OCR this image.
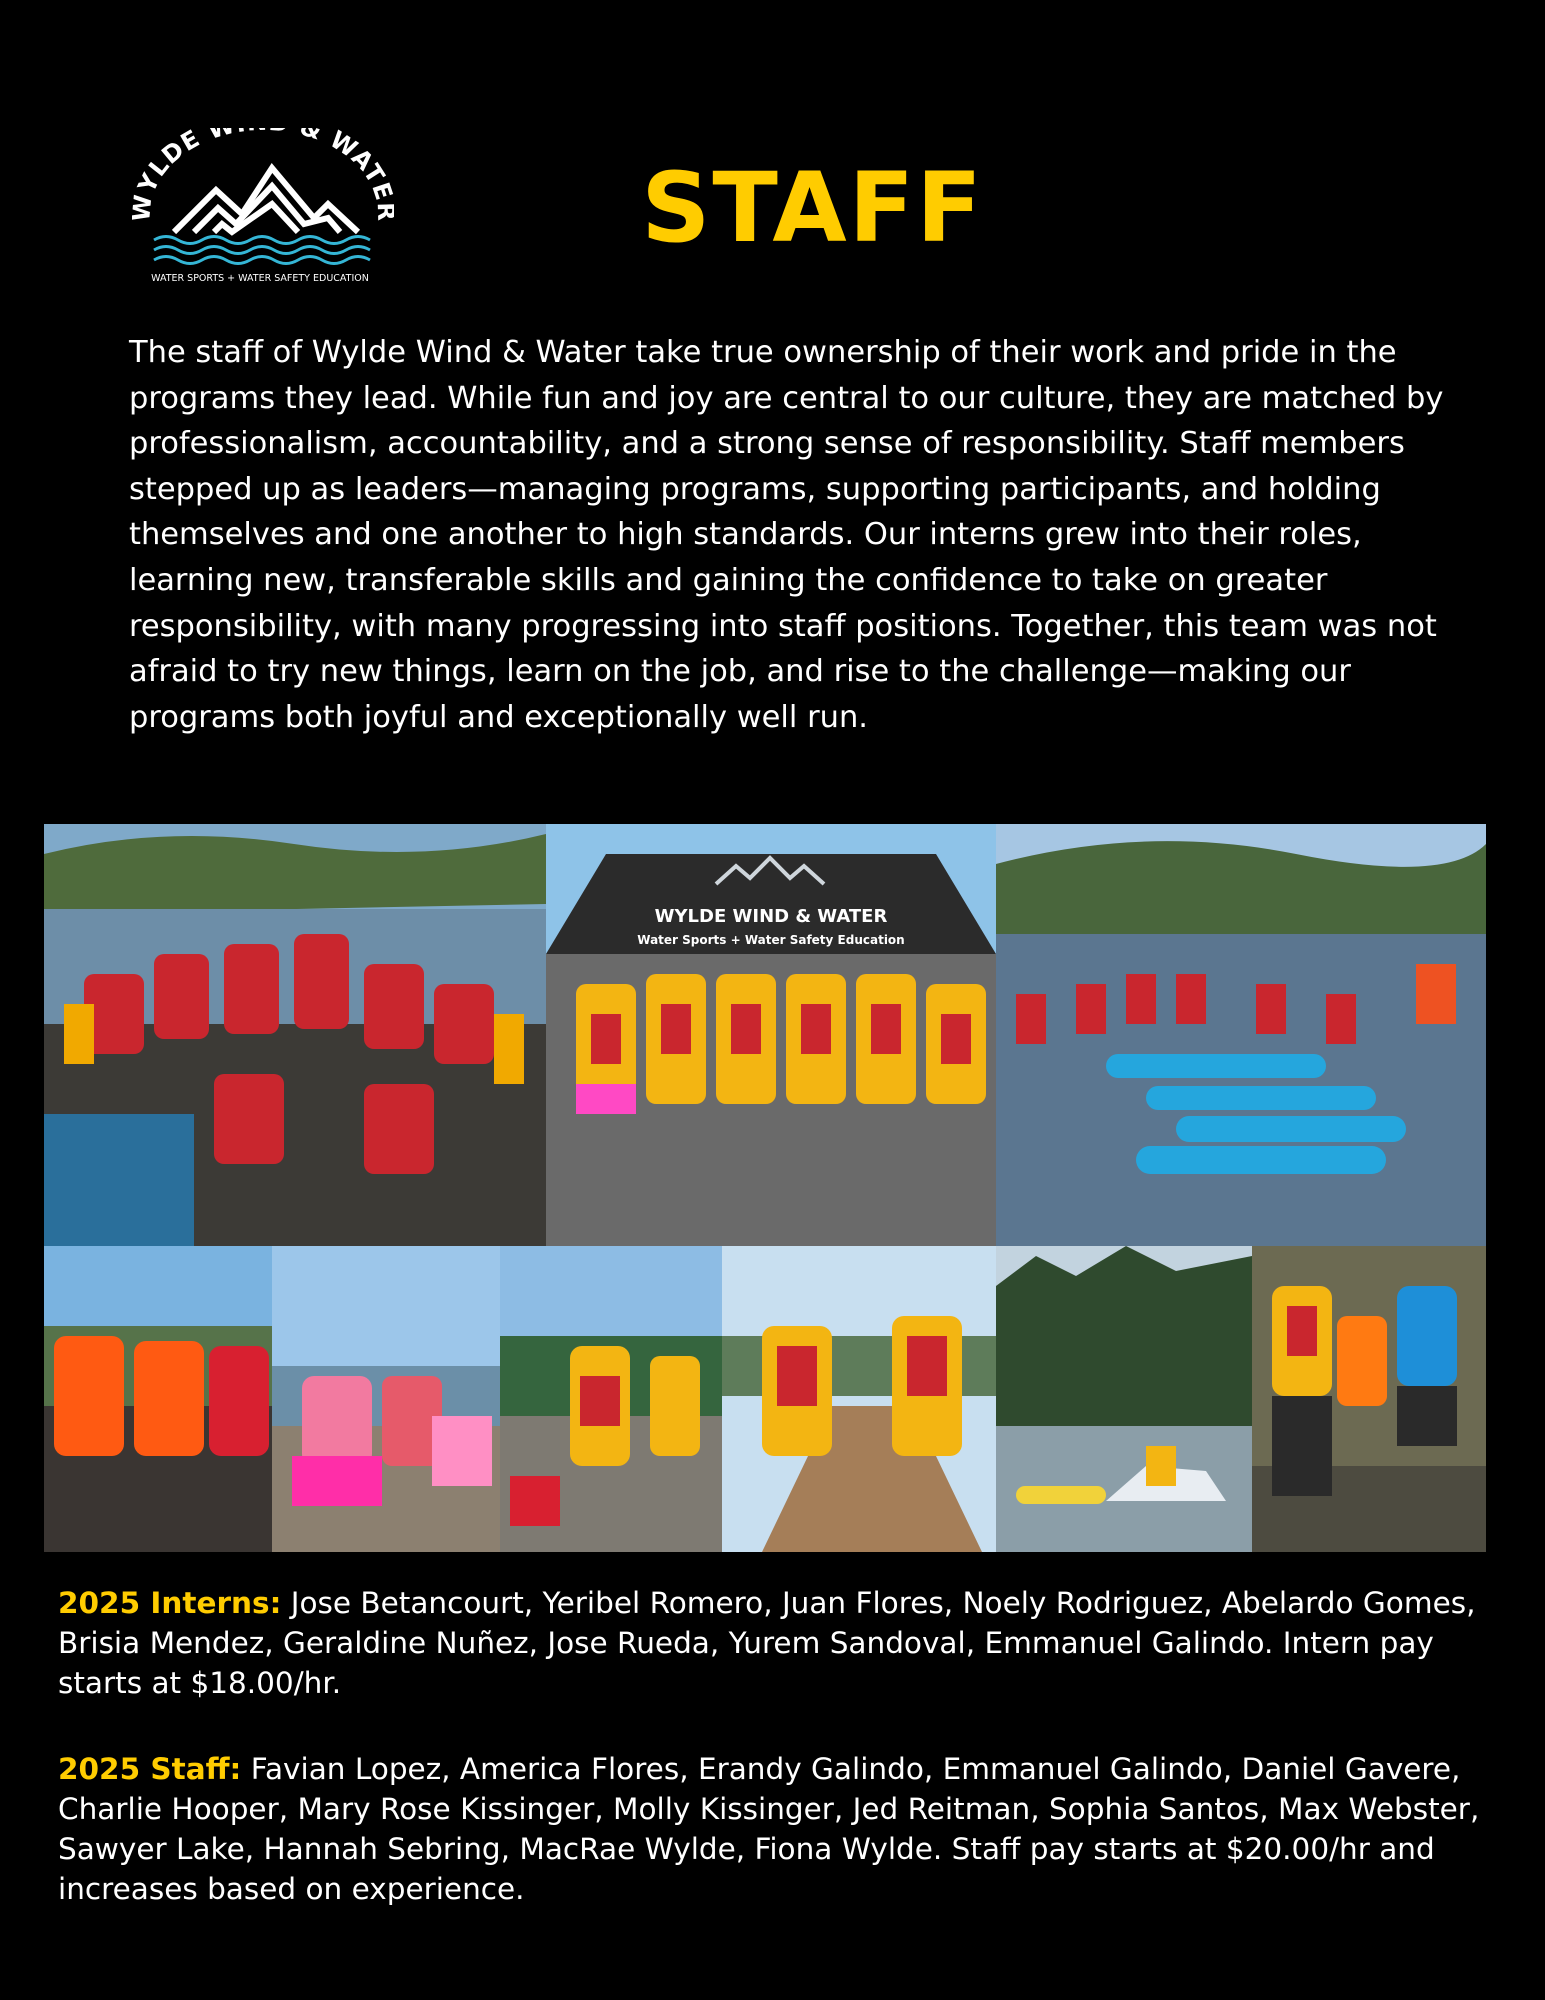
YLDE & WAT
WATER SPORTS + WATER SAFETY EDUCATION
STAFF

The staff of Wylde Wind & Water take true ownership of their work and pride in the programs they lead. While fun and joy are central to our culture, they are matched by professionalism, accountability, and a strong sense of responsibility. Staff members stepped up as leaders—managing programs, supporting participants, and holding themselves and one another to high standards. Our interns grew into their roles, learning new, transferable skills and gaining the confidence to take on greater responsibility, with many progressing into staff positions. Together, this team was not afraid to try new things, learn on the job, and rise to the challenge—making our programs both joyful and exceptionally well run.

WYLDE WIND & WATER
Water Sports + Water Safety Education

2025 Interns: Jose Betancourt, Yeribel Romero, Juan Flores, Noely Rodriguez, Abelardo Gomes, Brisia Mendez, Geraldine Nuñez, Jose Rueda, Yurem Sandoval, Emmanuel Galindo. Intern pay starts at $18.00/hr.

2025 Staff: Favian Lopez, America Flores, Erandy Galindo, Emmanuel Galindo, Daniel Gavere, Charlie Hooper, Mary Rose Kissinger, Molly Kissinger, Jed Reitman, Sophia Santos, Max Webster, Sawyer Lake, Hannah Sebring, MacRae Wylde, Fiona Wylde. Staff pay starts at $20.00/hr and increases based on experience.
